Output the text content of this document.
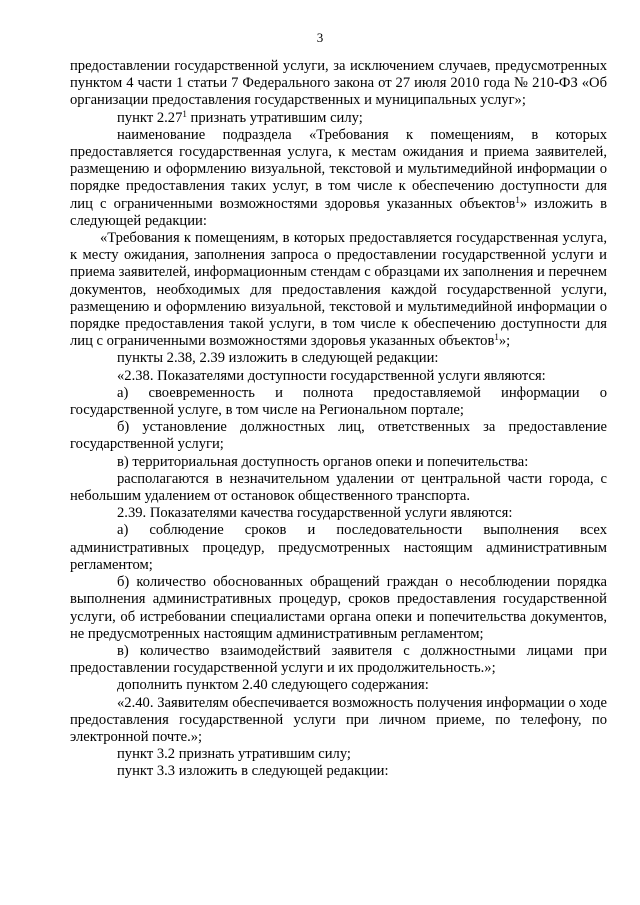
3

предоставлении государственной услуги, за исключением случаев, предусмотренных пунктом 4 части 1 статьи 7 Федерального закона от 27 июля 2010 года № 210-ФЗ «Об организации предоставления государственных и муниципальных услуг»;

пункт 2.27$^1$ признать утратившим силу;

наименование подраздела «Требования к помещениям, в которых предоставляется государственная услуга, к местам ожидания и приема заявителей, размещению и оформлению визуальной, текстовой и мультимедийной информации о порядке предоставления таких услуг, в том числе к обеспечению доступности для лиц с ограниченными возможностями здоровья указанных объектов$^1$» изложить в следующей редакции:

«Требования к помещениям, в которых предоставляется государственная услуга, к месту ожидания, заполнения запроса о предоставлении государственной услуги и приема заявителей, информационным стендам с образцами их заполнения и перечнем документов, необходимых для предоставления каждой государственной услуги, размещению и оформлению визуальной, текстовой и мультимедийной информации о порядке предоставления такой услуги, в том числе к обеспечению доступности для лиц с ограниченными возможностями здоровья указанных объектов$^1$»;

пункты 2.38, 2.39 изложить в следующей редакции:

«2.38. Показателями доступности государственной услуги являются:

а) своевременность и полнота предоставляемой информации о государственной услуге, в том числе на Региональном портале;

б) установление должностных лиц, ответственных за предоставление государственной услуги;

в) территориальная доступность органов опеки и попечительства:

располагаются в незначительном удалении от центральной части города, с небольшим удалением от остановок общественного транспорта.

2.39. Показателями качества государственной услуги являются:

а) соблюдение сроков и последовательности выполнения всех административных процедур, предусмотренных настоящим административным регламентом;

б) количество обоснованных обращений граждан о несоблюдении порядка выполнения административных процедур, сроков предоставления государственной услуги, об истребовании специалистами органа опеки и попечительства документов, не предусмотренных настоящим административным регламентом;

в) количество взаимодействий заявителя с должностными лицами при предоставлении государственной услуги и их продолжительность.»;

дополнить пунктом 2.40 следующего содержания:

«2.40. Заявителям обеспечивается возможность получения информации о ходе предоставления государственной услуги при личном приеме, по телефону, по электронной почте.»;

пункт 3.2 признать утратившим силу;

пункт 3.3 изложить в следующей редакции:
